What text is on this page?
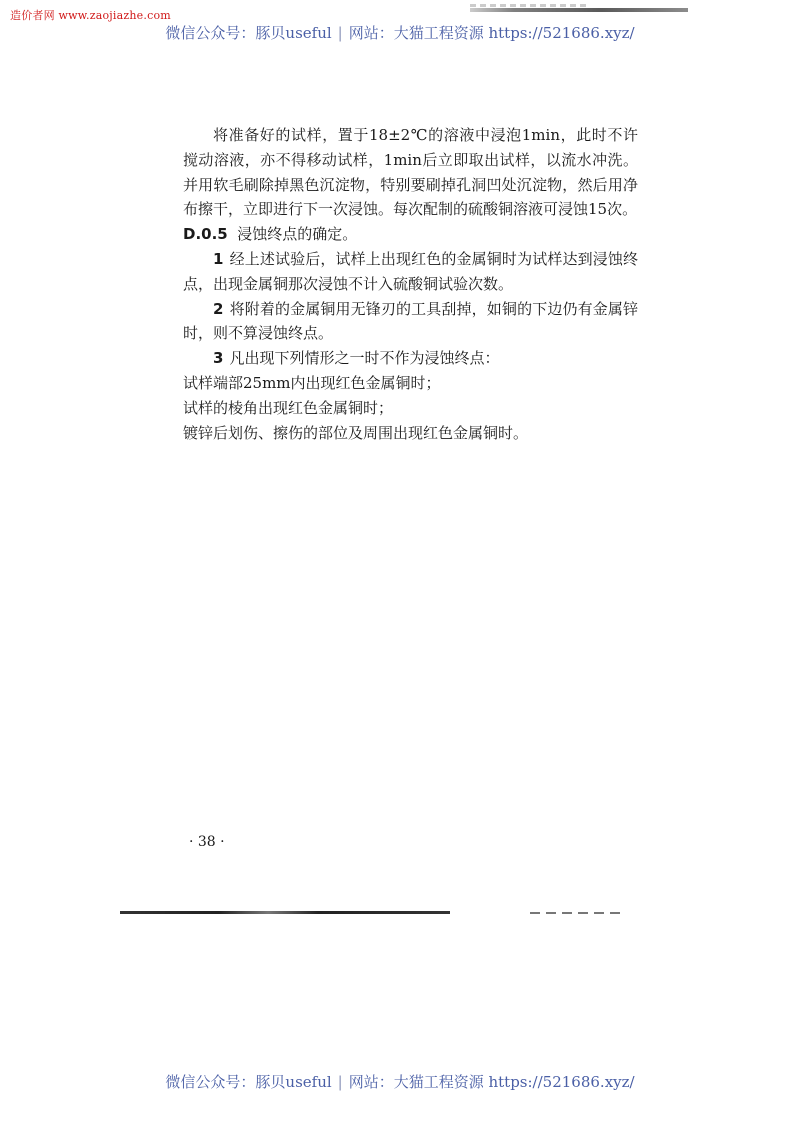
造价者网 www.zaojiazhe.com
微信公众号：豚贝useful | 网站：大猫工程资源 https://521686.xyz/

将准备好的试样，置于18±2℃的溶液中浸泡1min，此时不许搅动溶液，亦不得移动试样，1min后立即取出试样，以流水冲洗。并用软毛刷除掉黑色沉淀物，特别要刷掉孔洞凹处沉淀物，然后用净布擦干，立即进行下一次浸蚀。每次配制的硫酸铜溶液可浸蚀15次。

D.0.5 浸蚀终点的确定。

1 经上述试验后，试样上出现红色的金属铜时为试样达到浸蚀终点，出现金属铜那次浸蚀不计入硫酸铜试验次数。

2 将附着的金属铜用无锋刃的工具刮掉，如铜的下边仍有金属锌时，则不算浸蚀终点。

3 凡出现下列情形之一时不作为浸蚀终点：

试样端部25mm内出现红色金属铜时；

试样的棱角出现红色金属铜时；

镀锌后划伤、擦伤的部位及周围出现红色金属铜时。

· 38 ·
微信公众号：豚贝useful | 网站：大猫工程资源 https://521686.xyz/
